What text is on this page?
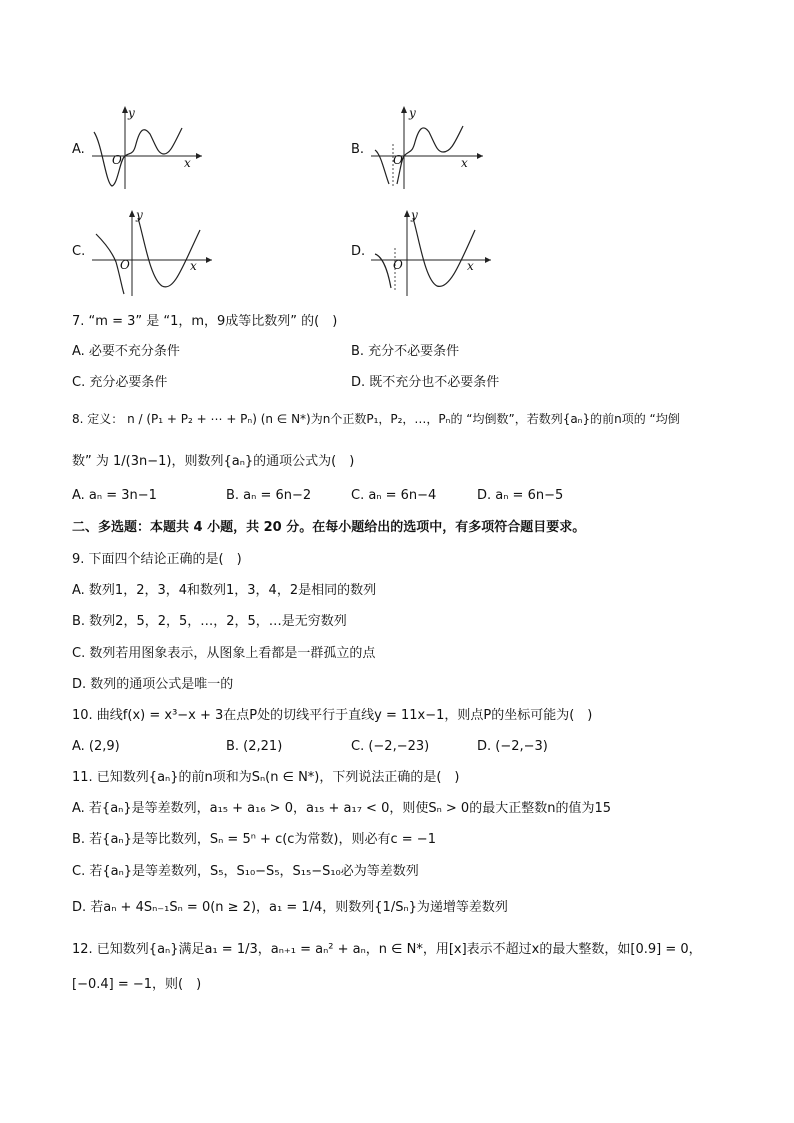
A.
y
O	x
B.
y
O	x
C.
y
O	x
D.
y
O	x
7. “m = 3” 是 “1，m，9成等比数列” 的(　)
A. 必要不充分条件	B. 充分不必要条件
C. 充分必要条件	D. 既不充分也不必要条件
8. 定义： n / (P₁ + P₂ + ⋯ + Pₙ) (n ∈ N*)为n个正数P₁，P₂，…，Pₙ的 “均倒数”，若数列{aₙ}的前n项的 “均倒
数” 为 1/(3n−1)，则数列{aₙ}的通项公式为(　)
A. aₙ = 3n−1	B. aₙ = 6n−2	C. aₙ = 6n−4	D. aₙ = 6n−5
二、多选题：本题共 4 小题，共 20 分。在每小题给出的选项中，有多项符合题目要求。
9. 下面四个结论正确的是(　)
A. 数列1，2，3，4和数列1，3，4，2是相同的数列
B. 数列2，5，2，5，…，2，5，…是无穷数列
C. 数列若用图象表示，从图象上看都是一群孤立的点
D. 数列的通项公式是唯一的
10. 曲线f(x) = x³−x + 3在点P处的切线平行于直线y = 11x−1，则点P的坐标可能为(　)
A. (2,9)	B. (2,21)	C. (−2,−23)	D. (−2,−3)
11. 已知数列{aₙ}的前n项和为Sₙ(n ∈ N*)，下列说法正确的是(　)
A. 若{aₙ}是等差数列，a₁₅ + a₁₆ > 0，a₁₅ + a₁₇ < 0，则使Sₙ > 0的最大正整数n的值为15
B. 若{aₙ}是等比数列，Sₙ = 5ⁿ + c(c为常数)，则必有c = −1
C. 若{aₙ}是等差数列，S₅，S₁₀−S₅，S₁₅−S₁₀必为等差数列
D. 若aₙ + 4Sₙ₋₁Sₙ = 0(n ≥ 2)，a₁ = 1/4，则数列{1/Sₙ}为递增等差数列
12. 已知数列{aₙ}满足a₁ = 1/3，aₙ₊₁ = aₙ² + aₙ，n ∈ N*，用[x]表示不超过x的最大整数，如[0.9] = 0，
[−0.4] = −1，则(　)
